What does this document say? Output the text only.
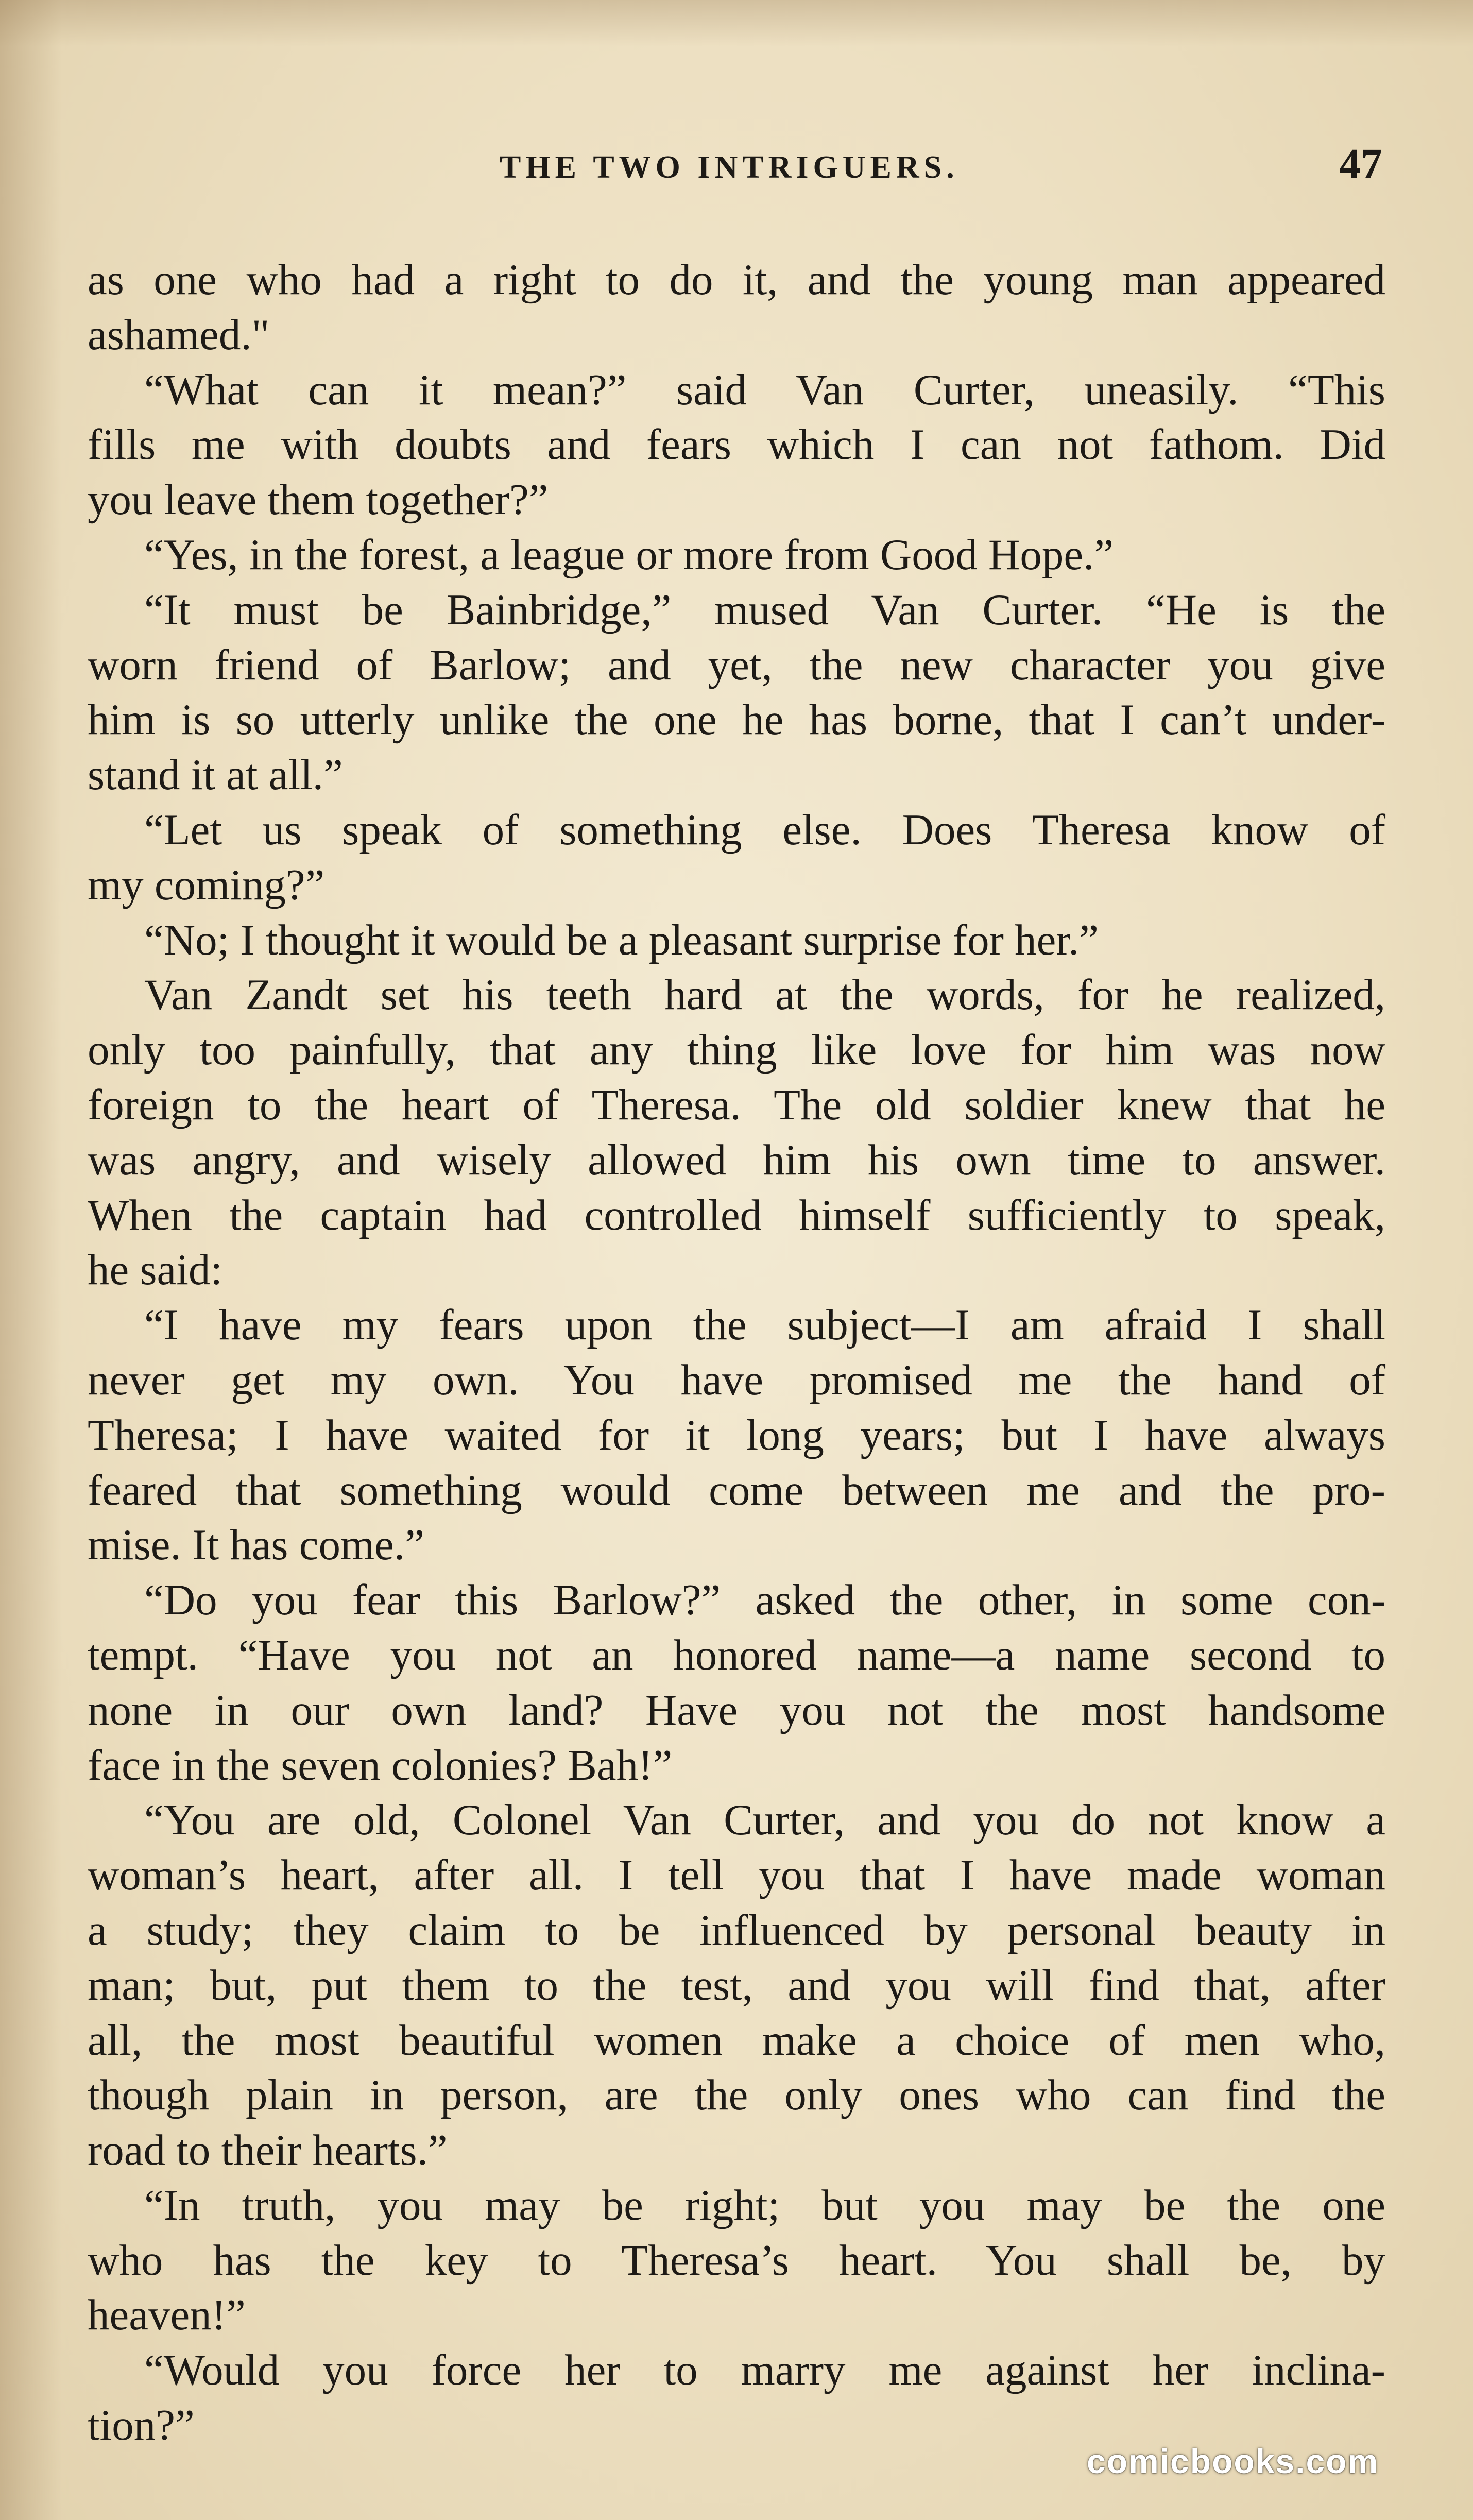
THE TWO INTRIGUERS.	47
as one who had a right to do it, and the young man appeared
ashamed."
“What can it mean?” said Van Curter, uneasily. “This
fills me with doubts and fears which I can not fathom. Did
you leave them together?”
“Yes, in the forest, a league or more from Good Hope.”
“It must be Bainbridge,” mused Van Curter. “He is the
worn friend of Barlow; and yet, the new character you give
him is so utterly unlike the one he has borne, that I can’t under-
stand it at all.”
“Let us speak of something else. Does Theresa know of
my coming?”
“No; I thought it would be a pleasant surprise for her.”
Van Zandt set his teeth hard at the words, for he realized,
only too painfully, that any thing like love for him was now
foreign to the heart of Theresa. The old soldier knew that he
was angry, and wisely allowed him his own time to answer.
When the captain had controlled himself sufficiently to speak,
he said:
“I have my fears upon the subject—I am afraid I shall
never get my own. You have promised me the hand of
Theresa; I have waited for it long years; but I have always
feared that something would come between me and the pro-
mise. It has come.”
“Do you fear this Barlow?” asked the other, in some con-
tempt. “Have you not an honored name—a name second to
none in our own land? Have you not the most handsome
face in the seven colonies? Bah!”
“You are old, Colonel Van Curter, and you do not know a
woman’s heart, after all. I tell you that I have made woman
a study; they claim to be influenced by personal beauty in
man; but, put them to the test, and you will find that, after
all, the most beautiful women make a choice of men who,
though plain in person, are the only ones who can find the
road to their hearts.”
“In truth, you may be right; but you may be the one
who has the key to Theresa’s heart. You shall be, by
heaven!”
“Would you force her to marry me against her inclina-
tion?”
comicbooks.com
